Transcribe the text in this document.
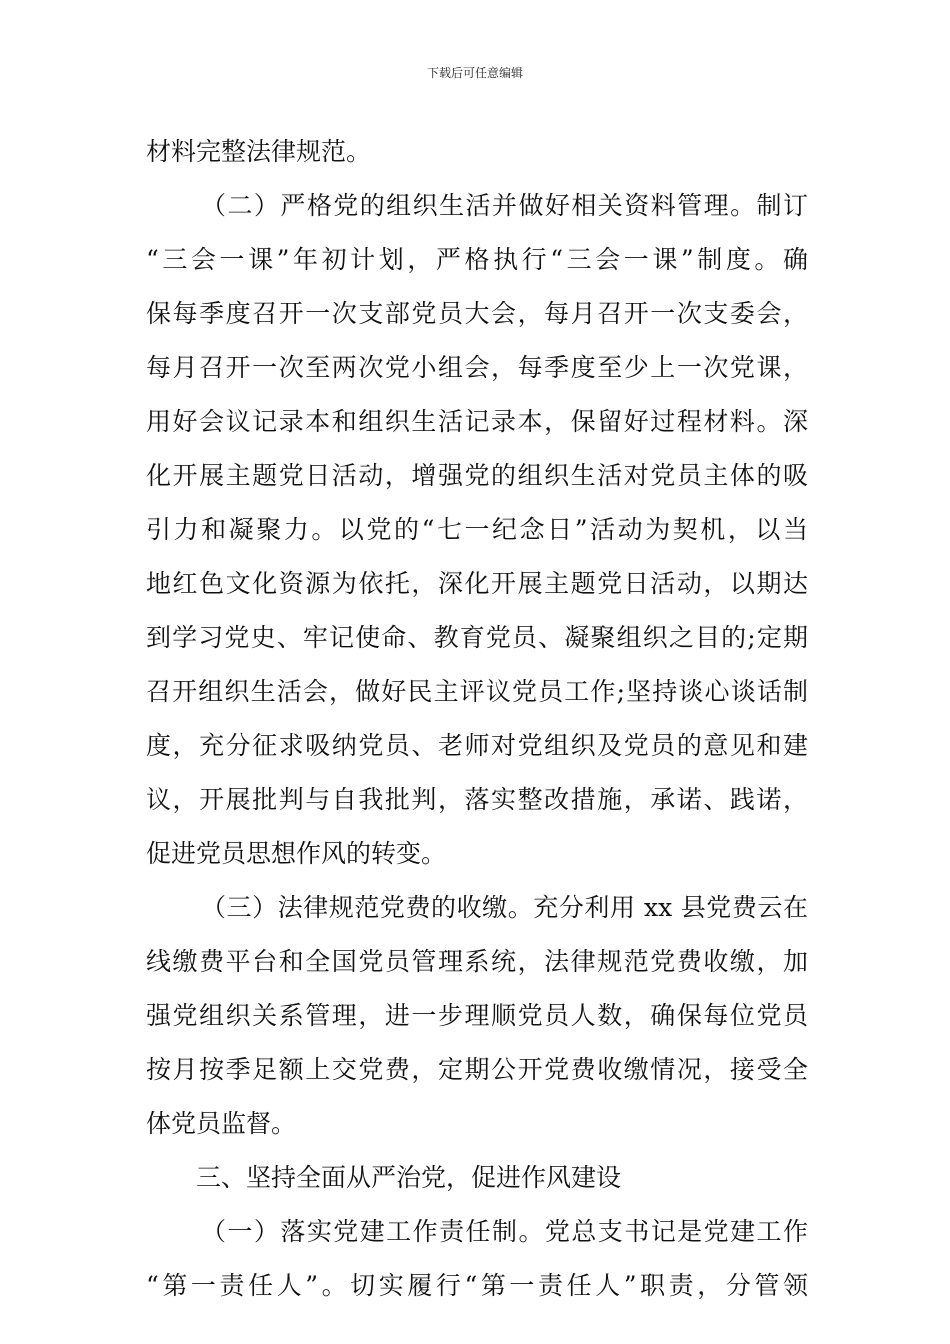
下载后可任意编辑
材料完整法律规范。
（二）严格党的组织生活并做好相关资料管理。制订
“三会一课”年初计划，严格执行“三会一课”制度。确
保每季度召开一次支部党员大会，每月召开一次支委会，
每月召开一次至两次党小组会，每季度至少上一次党课，
用好会议记录本和组织生活记录本，保留好过程材料。深
化开展主题党日活动，增强党的组织生活对党员主体的吸
引力和凝聚力。以党的“七一纪念日”活动为契机，以当
地红色文化资源为依托，深化开展主题党日活动，以期达
到学习党史、牢记使命、教育党员、凝聚组织之目的;定期
召开组织生活会，做好民主评议党员工作;坚持谈心谈话制
度，充分征求吸纳党员、老师对党组织及党员的意见和建
议，开展批判与自我批判，落实整改措施，承诺、践诺，
促进党员思想作风的转变。
（三）法律规范党费的收缴。充分利用 xx 县党费云在
线缴费平台和全国党员管理系统，法律规范党费收缴，加
强党组织关系管理，进一步理顺党员人数，确保每位党员
按月按季足额上交党费，定期公开党费收缴情况，接受全
体党员监督。
三、坚持全面从严治党，促进作风建设
（一）落实党建工作责任制。党总支书记是党建工作
“第一责任人”。切实履行“第一责任人”职责，分管领
